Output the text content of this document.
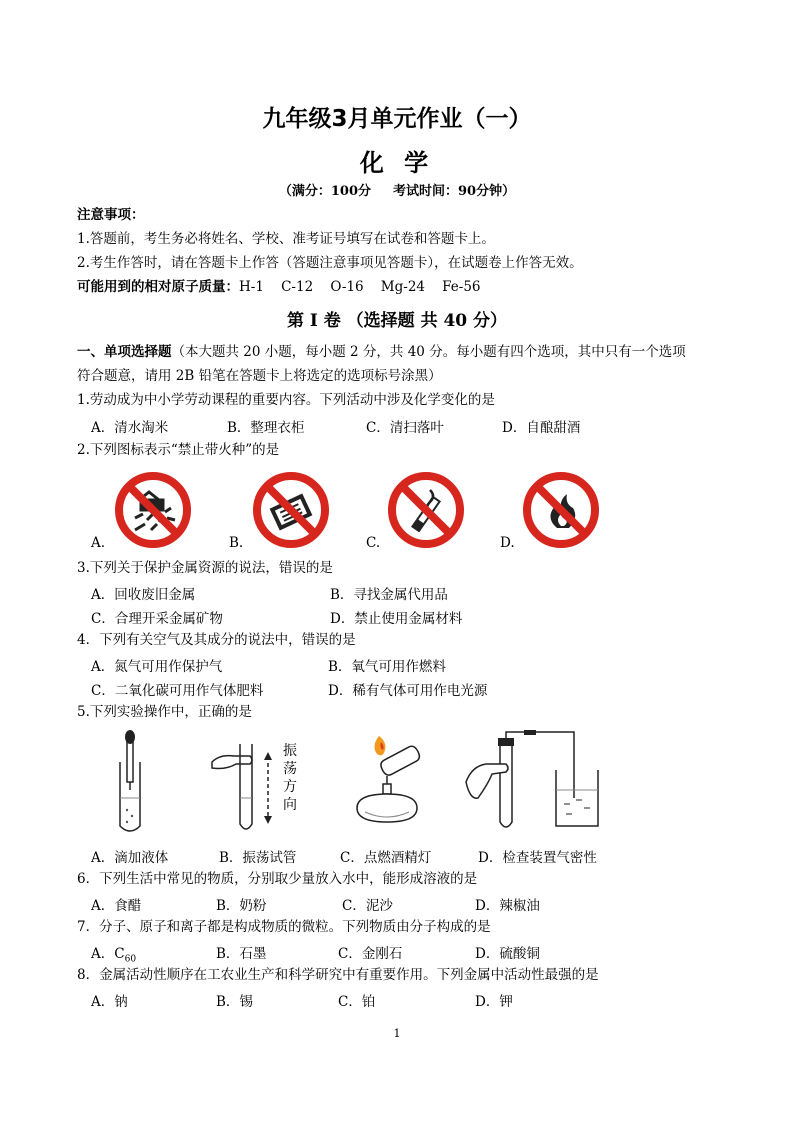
九年级3月单元作业（一）
化 学
（满分：100分 考试时间：90分钟）
注意事项：
1.答题前，考生务必将姓名、学校、准考证号填写在试卷和答题卡上。
2.考生作答时，请在答题卡上作答（答题注意事项见答题卡），在试题卷上作答无效。
可能用到的相对原子质量：H-1    C-12    O-16    Mg-24    Fe-56
第 I 卷 （选择题 共 40 分）
一、单项选择题（本大题共 20 小题，每小题 2 分，共 40 分。每小题有四个选项，其中只有一个选项
符合题意，请用 2B 铅笔在答题卡上将选定的选项标号涂黑）
1.劳动成为中小学劳动课程的重要内容。下列活动中涉及化学变化的是
A．清水淘米	B．整理衣柜	C．清扫落叶	D．自酿甜酒
2.下列图标表示“禁止带火种”的是
A.	B.	C.	D.
3.下列关于保护金属资源的说法，错误的是
A．回收废旧金属	B．寻找金属代用品
C．合理开采金属矿物	D．禁止使用金属材料
4．下列有关空气及其成分的说法中，错误的是
A．氮气可用作保护气	B．氧气可用作燃料
C．二氧化碳可用作气体肥料	D．稀有气体可用作电光源
5.下列实验操作中，正确的是
A．滴加液体
振
荡
方
向
B．振荡试管	C．点燃酒精灯	D．检查装置气密性
6．下列生活中常见的物质，分别取少量放入水中，能形成溶液的是
A．食醋	B．奶粉	C．泥沙	D．辣椒油
7．分子、原子和离子都是构成物质的微粒。下列物质由分子构成的是
A．$C_{60}$	B．石墨	C．金刚石	D．硫酸铜
8．金属活动性顺序在工农业生产和科学研究中有重要作用。下列金属中活动性最强的是
A．钠	B．锡	C．铂	D．钾
1
